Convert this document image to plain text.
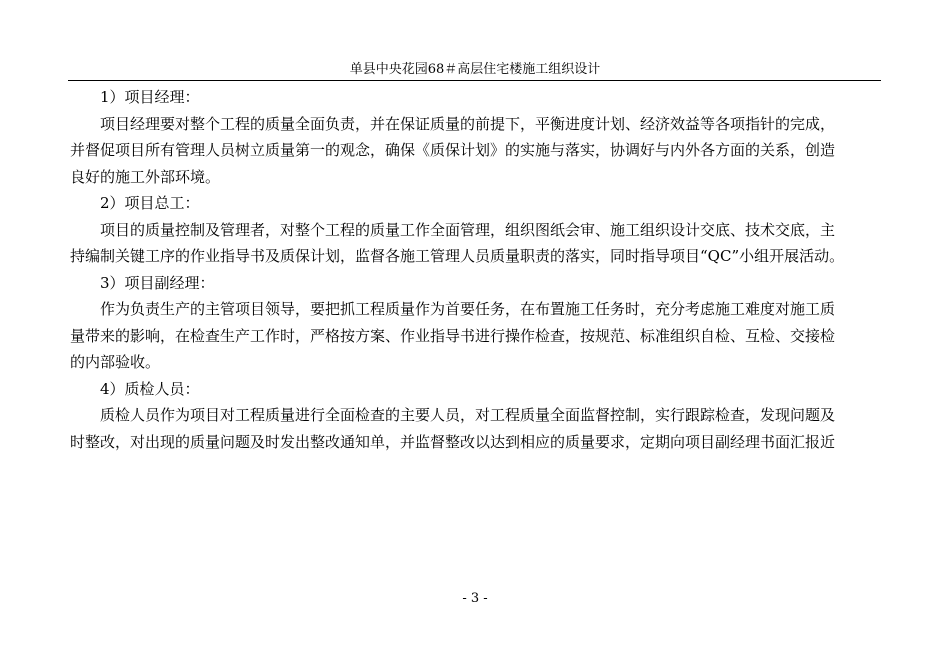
单县中央花园68＃高层住宅楼施工组织设计
1）项目经理：
项目经理要对整个工程的质量全面负责，并在保证质量的前提下，平衡进度计划、经济效益等各项指针的完成，
并督促项目所有管理人员树立质量第一的观念，确保《质保计划》的实施与落实，协调好与内外各方面的关系，创造
良好的施工外部环境。
2）项目总工：
项目的质量控制及管理者，对整个工程的质量工作全面管理，组织图纸会审、施工组织设计交底、技术交底，主
持编制关键工序的作业指导书及质保计划，监督各施工管理人员质量职责的落实，同时指导项目“QC”小组开展活动。
3）项目副经理：
作为负责生产的主管项目领导，要把抓工程质量作为首要任务，在布置施工任务时，充分考虑施工难度对施工质
量带来的影响，在检查生产工作时，严格按方案、作业指导书进行操作检查，按规范、标准组织自检、互检、交接检
的内部验收。
4）质检人员：
质检人员作为项目对工程质量进行全面检查的主要人员，对工程质量全面监督控制，实行跟踪检查，发现问题及
时整改，对出现的质量问题及时发出整改通知单，并监督整改以达到相应的质量要求，定期向项目副经理书面汇报近
- 3 -
